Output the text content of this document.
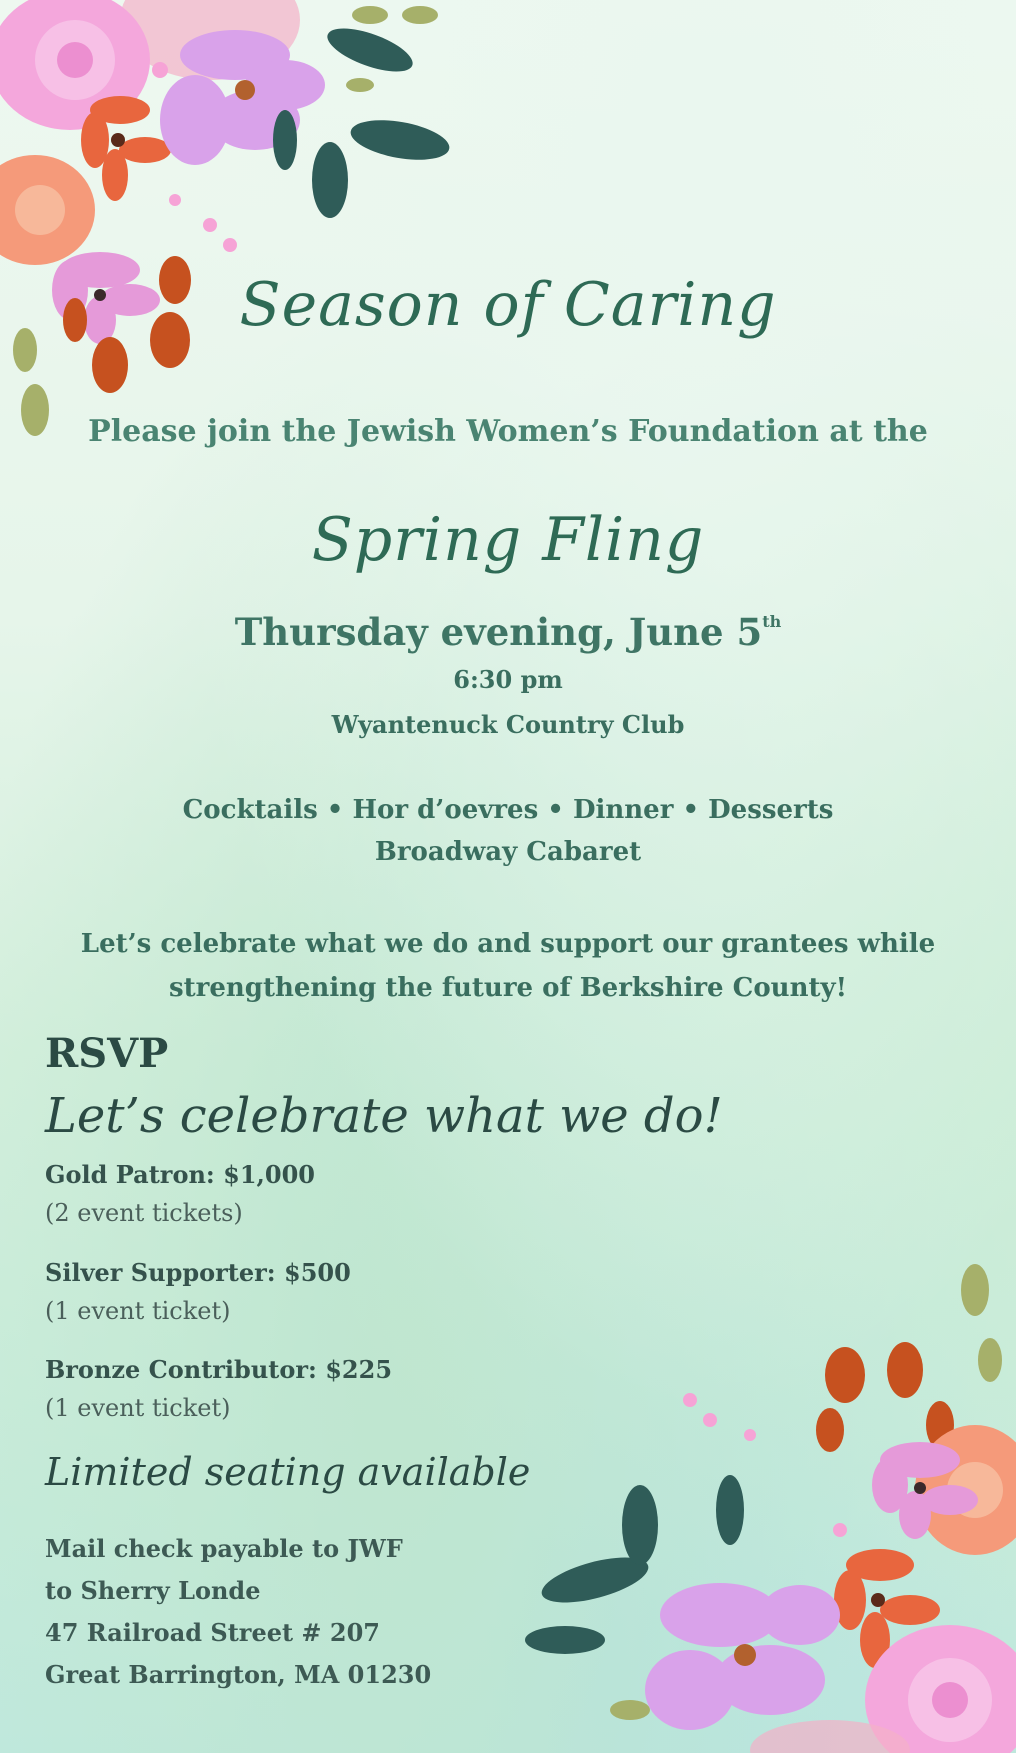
Season of Caring
Please join the Jewish Women’s Foundation at the
Spring Fling
Thursday evening, June 5th
6:30 pm
Wyantenuck Country Club
Cocktails • Hor d’oevres • Dinner • Desserts
Broadway Cabaret
Let’s celebrate what we do and support our grantees while
strengthening the future of Berkshire County!
RSVP
Let’s celebrate what we do!
Gold Patron: $1,000
(2 event tickets)
Silver Supporter: $500
(1 event ticket)
Bronze Contributor: $225
(1 event ticket)
Limited seating available
Mail check payable to JWF
to Sherry Londe
47 Railroad Street # 207
Great Barrington, MA 01230
